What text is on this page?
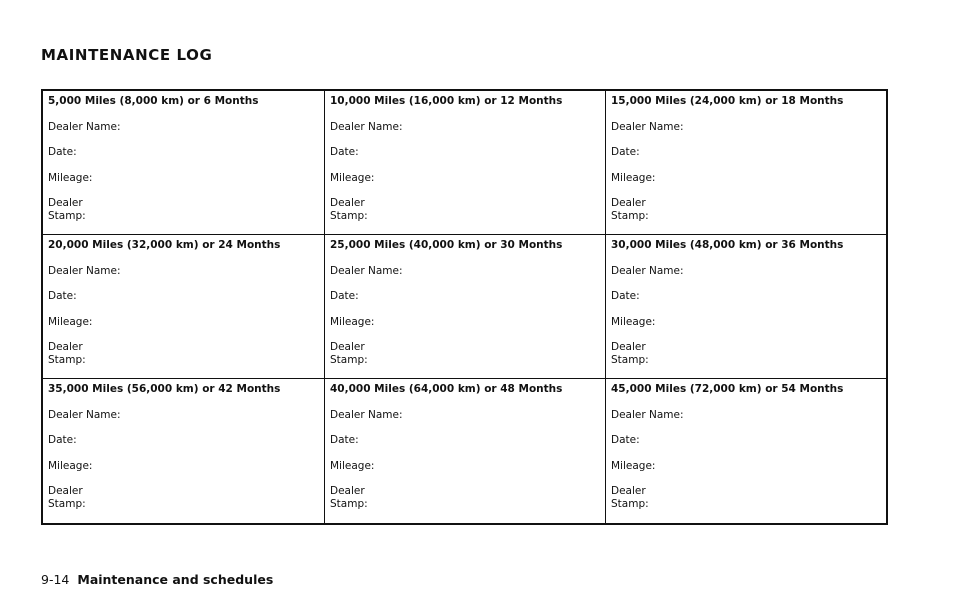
MAINTENANCE LOG
5,000 Miles (8,000 km) or 6 Months
Dealer Name:
Date:
Mileage:
Dealer
Stamp:
10,000 Miles (16,000 km) or 12 Months
Dealer Name:
Date:
Mileage:
Dealer
Stamp:
15,000 Miles (24,000 km) or 18 Months
Dealer Name:
Date:
Mileage:
Dealer
Stamp:
20,000 Miles (32,000 km) or 24 Months
Dealer Name:
Date:
Mileage:
Dealer
Stamp:
25,000 Miles (40,000 km) or 30 Months
Dealer Name:
Date:
Mileage:
Dealer
Stamp:
30,000 Miles (48,000 km) or 36 Months
Dealer Name:
Date:
Mileage:
Dealer
Stamp:
35,000 Miles (56,000 km) or 42 Months
Dealer Name:
Date:
Mileage:
Dealer
Stamp:
40,000 Miles (64,000 km) or 48 Months
Dealer Name:
Date:
Mileage:
Dealer
Stamp:
45,000 Miles (72,000 km) or 54 Months
Dealer Name:
Date:
Mileage:
Dealer
Stamp:

9-14 Maintenance and schedules
